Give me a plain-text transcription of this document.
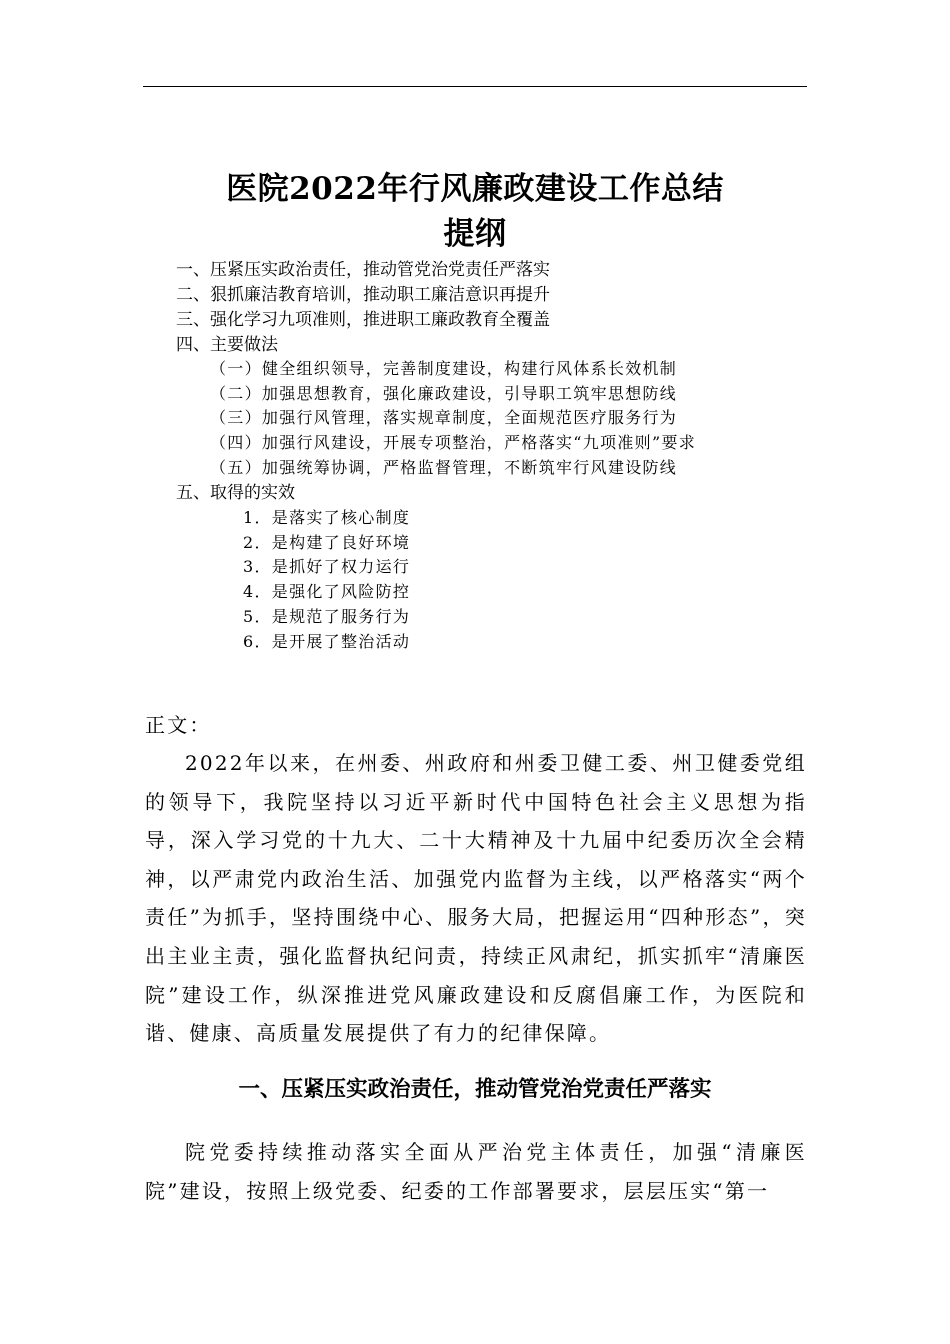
医院2022年行风廉政建设工作总结
提纲
一、压紧压实政治责任，推动管党治党责任严落实
二、狠抓廉洁教育培训，推动职工廉洁意识再提升
三、强化学习九项准则，推进职工廉政教育全覆盖
四、主要做法
（一）健全组织领导，完善制度建设，构建行风体系长效机制
（二）加强思想教育，强化廉政建设，引导职工筑牢思想防线
（三）加强行风管理，落实规章制度，全面规范医疗服务行为
（四）加强行风建设，开展专项整治，严格落实“九项准则”要求
（五）加强统筹协调，严格监督管理，不断筑牢行风建设防线
五、取得的实效
1．是落实了核心制度
2．是构建了良好环境
3．是抓好了权力运行
4．是强化了风险防控
5．是规范了服务行为
6．是开展了整治活动
正文：
2022年以来，在州委、州政府和州委卫健工委、州卫健委党组的领导下，我院坚持以习近平新时代中国特色社会主义思想为指导，深入学习党的十九大、二十大精神及十九届中纪委历次全会精神，以严肃党内政治生活、加强党内监督为主线，以严格落实“两个责任”为抓手，坚持围绕中心、服务大局，把握运用“四种形态”，突出主业主责，强化监督执纪问责，持续正风肃纪，抓实抓牢“清廉医院”建设工作，纵深推进党风廉政建设和反腐倡廉工作，为医院和谐、健康、高质量发展提供了有力的纪律保障。
一、压紧压实政治责任，推动管党治党责任严落实
院党委持续推动落实全面从严治党主体责任，加强“清廉医院”建设，按照上级党委、纪委的工作部署要求，层层压实“第一
